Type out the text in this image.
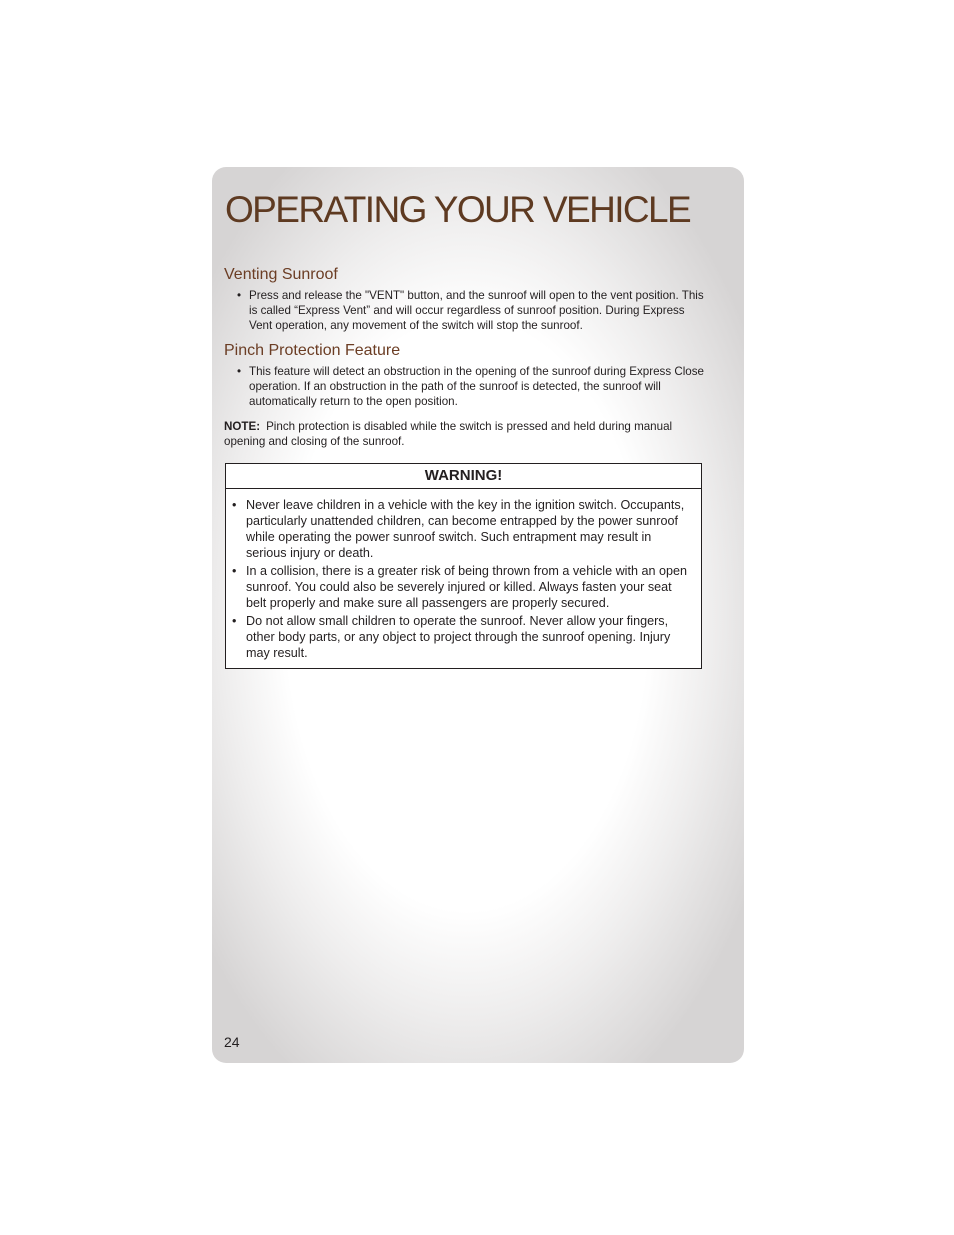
OPERATING YOUR VEHICLE
Venting Sunroof
• Press and release the "VENT" button, and the sunroof will open to the vent position. This is called “Express Vent” and will occur regardless of sunroof position. During Express Vent operation, any movement of the switch will stop the sunroof.
Pinch Protection Feature
• This feature will detect an obstruction in the opening of the sunroof during Express Close operation. If an obstruction in the path of the sunroof is detected, the sunroof will automatically return to the open position.

NOTE: Pinch protection is disabled while the switch is pressed and held during manual opening and closing of the sunroof.

WARNING!
• Never leave children in a vehicle with the key in the ignition switch. Occupants, particularly unattended children, can become entrapped by the power sunroof while operating the power sunroof switch. Such entrapment may result in serious injury or death.
• In a collision, there is a greater risk of being thrown from a vehicle with an open sunroof. You could also be severely injured or killed. Always fasten your seat belt properly and make sure all passengers are properly secured.
• Do not allow small children to operate the sunroof. Never allow your fingers, other body parts, or any object to project through the sunroof opening. Injury may result.
24
